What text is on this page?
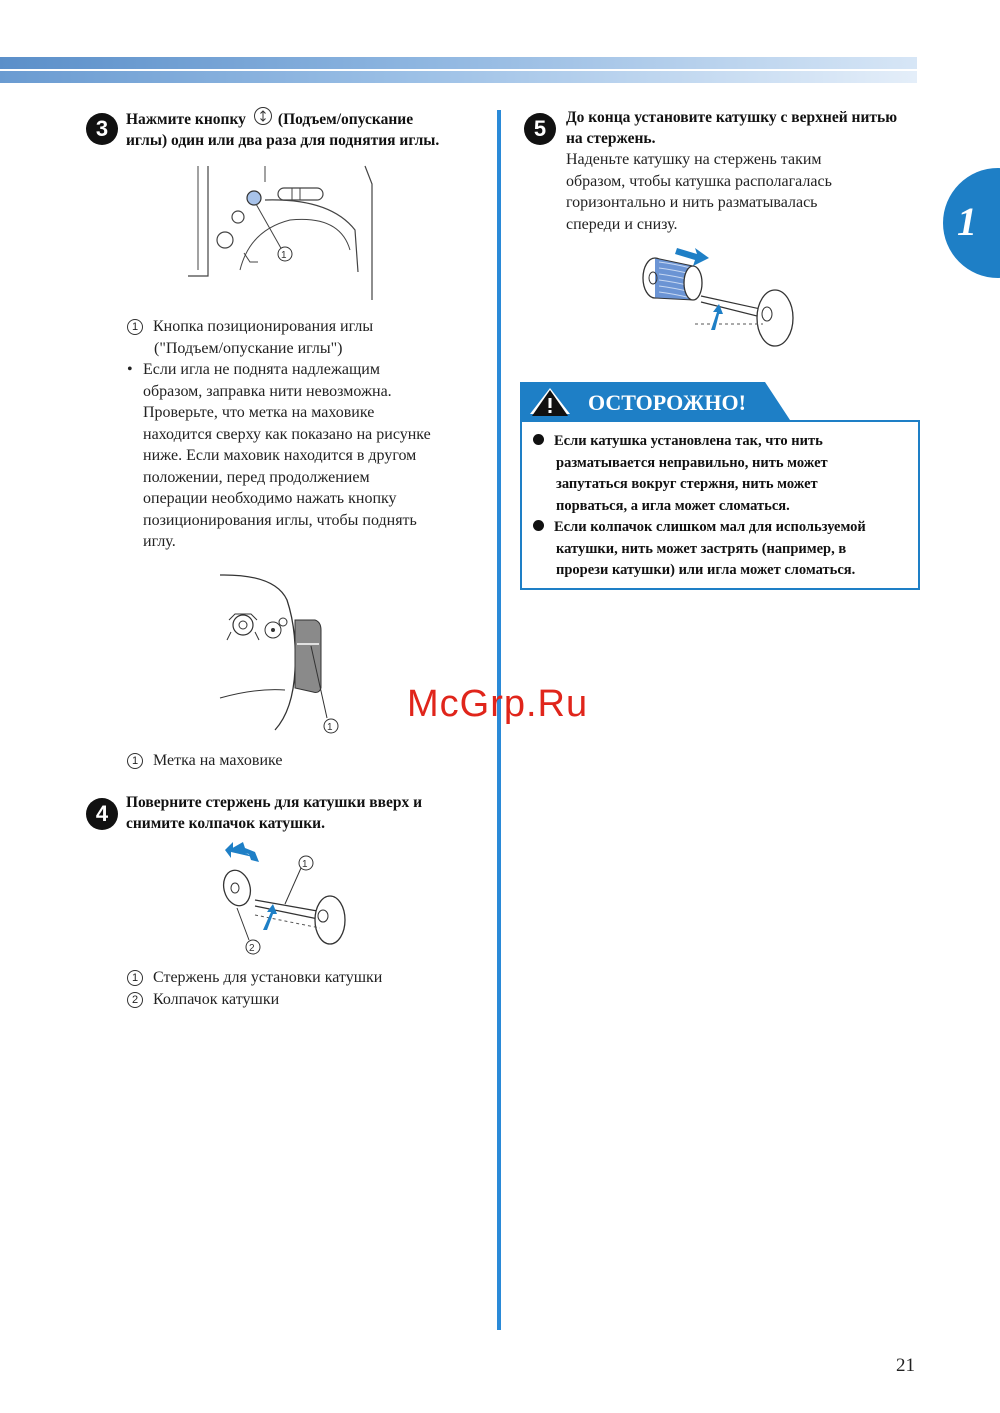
1
3	Нажмите кнопку (Подъем/опускание
иглы) один или два раза для поднятия иглы.
1
1 Кнопка позиционирования иглы
("Подъем/опускание иглы")
• Если игла не поднята надлежащим
образом, заправка нити невозможна.
Проверьте, что метка на маховике
находится сверху как показано на рисунке
ниже. Если маховик находится в другом
положении, перед продолжением
операции необходимо нажать кнопку
позиционирования иглы, чтобы поднять
иглу.
1
1 Метка на маховике
4	Поверните стержень для катушки вверх и
снимите колпачок катушки.
1
2
1 Стержень для установки катушки
2 Колпачок катушки
5	До конца установите катушку с верхней нитью
на стержень.
Наденьте катушку на стержень таким
образом, чтобы катушка располагалась
горизонтально и нить разматывалась
спереди и снизу.
ОСТОРОЖНО!
Если катушка установлена так, что нить

разматывается неправильно, нить может
запутаться вокруг стержня, нить может
порваться, а игла может сломаться.
Если колпачок слишком мал для используемой

катушки, нить может застрять (например, в
прорези катушки) или игла может сломаться.
McGrp.Ru
21
